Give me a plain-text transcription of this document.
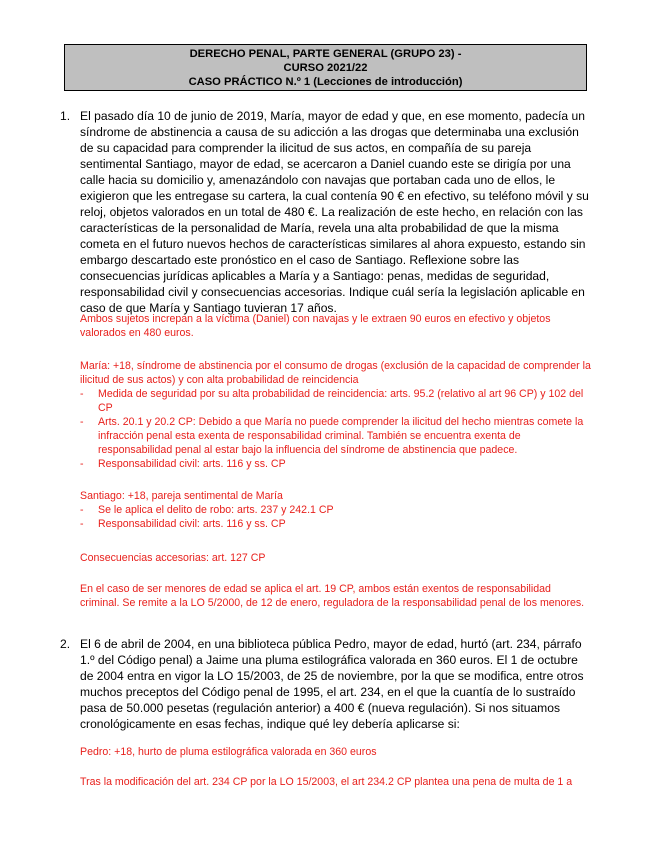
DERECHO PENAL, PARTE GENERAL (GRUPO 23) -
CURSO 2021/22
CASO PRÁCTICO N.º 1 (Lecciones de introducción)
1. El pasado día 10 de junio de 2019, María, mayor de edad y que, en ese momento, padecía un síndrome de abstinencia a causa de su adicción a las drogas que determinaba una exclusión de su capacidad para comprender la ilicitud de sus actos, en compañía de su pareja sentimental Santiago, mayor de edad, se acercaron a Daniel cuando este se dirigía por una calle hacia su domicilio y, amenazándolo con navajas que portaban cada uno de ellos, le exigieron que les entregase su cartera, la cual contenía 90 € en efectivo, su teléfono móvil y su reloj, objetos valorados en un total de 480 €. La realización de este hecho, en relación con las características de la personalidad de María, revela una alta probabilidad de que la misma cometa en el futuro nuevos hechos de características similares al ahora expuesto, estando sin embargo descartado este pronóstico en el caso de Santiago. Reflexione sobre las consecuencias jurídicas aplicables a María y a Santiago: penas, medidas de seguridad, responsabilidad civil y consecuencias accesorias. Indique cuál sería la legislación aplicable en caso de que María y Santiago tuvieran 17 años.

Ambos sujetos increpan a la víctima (Daniel) con navajas y le extraen 90 euros en efectivo y objetos valorados en 480 euros.

María: +18, síndrome de abstinencia por el consumo de drogas (exclusión de la capacidad de comprender la ilicitud de sus actos) y con alta probabilidad de reincidencia

- Medida de seguridad por su alta probabilidad de reincidencia: arts. 95.2 (relativo al art 96 CP) y 102 del CP
- Arts. 20.1 y 20.2 CP: Debido a que María no puede comprender la ilicitud del hecho mientras comete la infracción penal esta exenta de responsabilidad criminal. También se encuentra exenta de responsabilidad penal al estar bajo la influencia del síndrome de abstinencia que padece.
- Responsabilidad civil: arts. 116 y ss. CP

Santiago: +18, pareja sentimental de María

- Se le aplica el delito de robo: arts. 237 y 242.1 CP
- Responsabilidad civil: arts. 116 y ss. CP

Consecuencias accesorias: art. 127 CP

En el caso de ser menores de edad se aplica el art. 19 CP, ambos están exentos de responsabilidad criminal. Se remite a la LO 5/2000, de 12 de enero, reguladora de la responsabilidad penal de los menores.

2. El 6 de abril de 2004, en una biblioteca pública Pedro, mayor de edad, hurtó (art. 234, párrafo 1.º del Código penal) a Jaime una pluma estilográfica valorada en 360 euros. El 1 de octubre de 2004 entra en vigor la LO 15/2003, de 25 de noviembre, por la que se modifica, entre otros muchos preceptos del Código penal de 1995, el art. 234, en el que la cuantía de lo sustraído pasa de 50.000 pesetas (regulación anterior) a 400 € (nueva regulación). Si nos situamos cronológicamente en esas fechas, indique qué ley debería aplicarse si:

Pedro: +18, hurto de pluma estilográfica valorada en 360 euros

Tras la modificación del art. 234 CP por la LO 15/2003, el art 234.2 CP plantea una pena de multa de 1 a
